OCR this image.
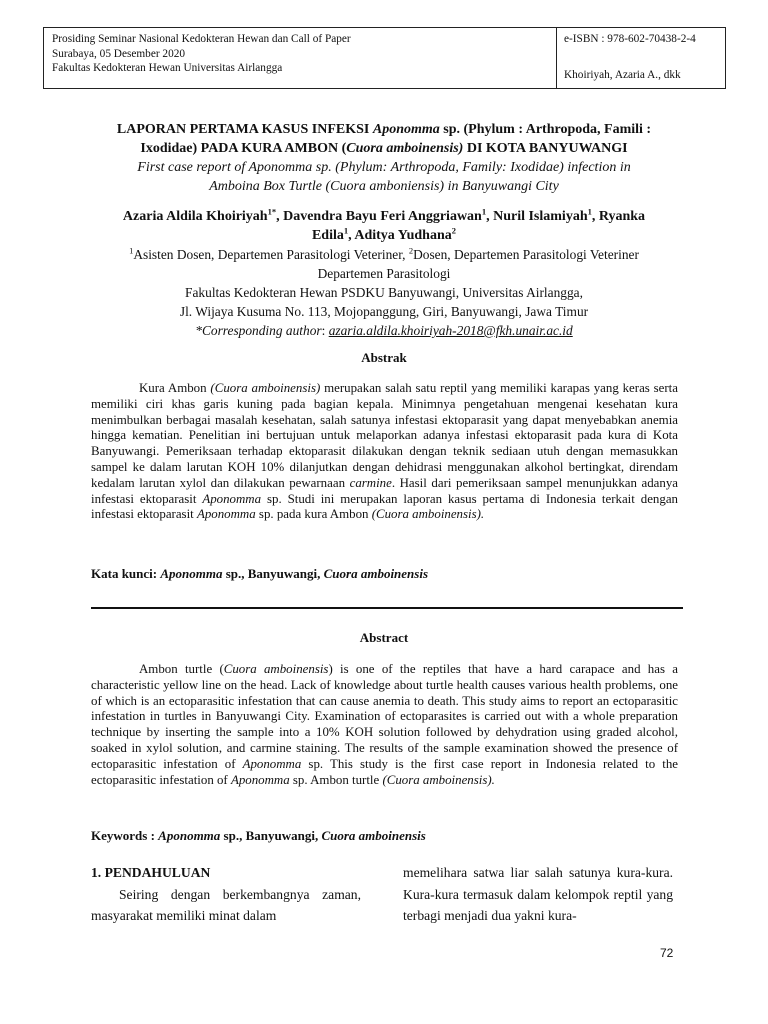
Prosiding Seminar Nasional Kedokteran Hewan dan Call of Paper
Surabaya, 05 Desember 2020
Fakultas Kedokteran Hewan Universitas Airlangga
e-ISBN : 978-602-70438-2-4
Khoiriyah, Azaria A., dkk
LAPORAN PERTAMA KASUS INFEKSI Aponomma sp. (Phylum : Arthropoda, Famili :
Ixodidae) PADA KURA AMBON (Cuora amboinensis) DI KOTA BANYUWANGI
First case report of Aponomma sp. (Phylum: Arthropoda, Family: Ixodidae) infection in
Amboina Box Turtle (Cuora amboniensis) in Banyuwangi City
Azaria Aldila Khoiriyah$^{1*}$, Davendra Bayu Feri Anggriawan$^1$, Nuril Islamiyah$^1$, Ryanka
Edila$^1$, Aditya Yudhana$^2$
$^1$Asisten Dosen, Departemen Parasitologi Veteriner, $^2$Dosen, Departemen Parasitologi Veteriner
Departemen Parasitologi
Fakultas Kedokteran Hewan PSDKU Banyuwangi, Universitas Airlangga,
Jl. Wijaya Kusuma No. 113, Mojopanggung, Giri, Banyuwangi, Jawa Timur
*Corresponding author: azaria.aldila.khoiriyah-2018@fkh.unair.ac.id
Abstrak
Kura Ambon (Cuora amboinensis) merupakan salah satu reptil yang memiliki karapas yang keras serta memiliki ciri khas garis kuning pada bagian kepala. Minimnya pengetahuan mengenai kesehatan kura menimbulkan berbagai masalah kesehatan, salah satunya infestasi ektoparasit yang dapat menyebabkan anemia hingga kematian. Penelitian ini bertujuan untuk melaporkan adanya infestasi ektoparasit pada kura di Kota Banyuwangi. Pemeriksaan terhadap ektoparasit dilakukan dengan teknik sediaan utuh dengan memasukkan sampel ke dalam larutan KOH 10% dilanjutkan dengan dehidrasi menggunakan alkohol bertingkat, direndam kedalam larutan xylol dan dilakukan pewarnaan carmine. Hasil dari pemeriksaan sampel menunjukkan adanya infestasi ektoparasit Aponomma sp. Studi ini merupakan laporan kasus pertama di Indonesia terkait dengan infestasi ektoparasit Aponomma sp. pada kura Ambon (Cuora amboinensis).
Kata kunci: Aponomma sp., Banyuwangi, Cuora amboinensis
Abstract
Ambon turtle (Cuora amboinensis) is one of the reptiles that have a hard carapace and has a characteristic yellow line on the head. Lack of knowledge about turtle health causes various health problems, one of which is an ectoparasitic infestation that can cause anemia to death. This study aims to report an ectoparasitic infestation in turtles in Banyuwangi City. Examination of ectoparasites is carried out with a whole preparation technique by inserting the sample into a 10% KOH solution followed by dehydration using graded alcohol, soaked in xylol solution, and carmine staining. The results of the sample examination showed the presence of ectoparasitic infestation of Aponomma sp. This study is the first case report in Indonesia related to the ectoparasitic infestation of Aponomma sp. Ambon turtle (Cuora amboinensis).
Keywords : Aponomma sp., Banyuwangi, Cuora amboinensis
1. PENDAHULUAN
Seiring dengan berkembangnya zaman, masyarakat memiliki minat dalam
memelihara satwa liar salah satunya kura-kura. Kura-kura termasuk dalam kelompok reptil yang terbagi menjadi dua yakni kura-
72
